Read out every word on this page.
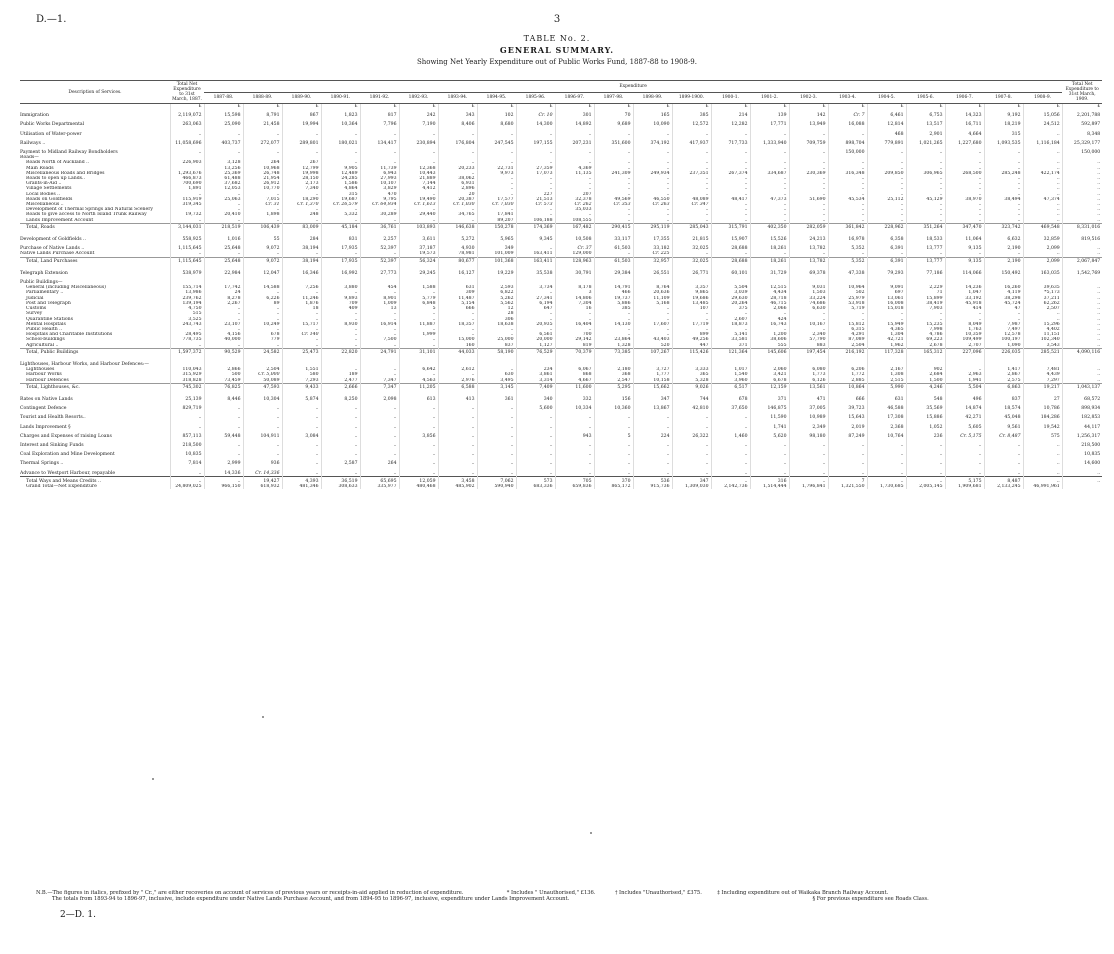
D.—1.	3
TABLE No. 2.
GENERAL SUMMARY.
Showing Net Yearly Expenditure out of Public Works Fund, 1887-88 to 1908-9.
Description of Services.	Total Net Expenditure to 31st March, 1887.	Expenditure																						Total Net Expenditure to 31st March, 1909.
		1887-88.	1888-89.	1889-90.	1890-91.	1891-92.	1892-93.	1893-94.	1894-95.	1895-96.	1896-97.	1897-98.	1898-99.	1899-1900.	1900-1.	1901-2.	1902-3.	1903-4.	1904-5.	1905-6.	1906-7.	1907-8.	1908-9.	
	£	£	£	£	£	£	£	£	£	£	£	£	£	£	£	£	£	£	£	£	£	£	£	£
Immigration	2,119,072	15,598	8,791	867	1,823	817	242	343	102	Cr. 10	301	70	165	385	214	139	142	Cr. 7	6,461	6,753	14,323	9,192	15,056	2,201,788
Public Works Departmental	263,063	25,090	21,458	19,994	10,364	7,796	7,190	8,406	8,680	14,300	14,892	9,689	10,090	12,572	12,282	17,771	13,949	16,088	12,814	13,517	16,711	18,219	24,512	592,897
Utilisation of Water-power	..	..	..	..	..	..	..	..	..	..	..	..	..	..	..	..	..	..	468	2,901	4,664	315	..	8,348
Railways ..	11,058,696	403,737	272,077	289,801	180,021	134,417	230,894	176,804	247,545	197,155	207,231	351,600	374,192	417,937	717,733	1,333,940	709,759	898,704	779,891	1,021,265	1,227,680	1,093,535	1,116,184	25,329,177
Payment to Midland Railway Bondholders	..	..	..	..	..	..	..	..	..	..	..	..	..	..	..	..	..	150,000	..	..	..	..	..	150,000
Roads—																								
Roads North of Auckland ..	226,903	3,128	264	267	..	..	..	..	..	..	..	..	..	..	..	..	..	..	..	..	..	..	..	..
Main Roads		13,256	10,968	12,799	9,905	11,739	12,368	20,233	22,731	27,359	4,369	..	..	..	..	..	..	..	..	..	..	..	..	..
Miscellaneous Roads and Bridges	1,293,676	25,369	26,748	19,998	12,489	6,943	10,443	..	9,973	17,073	11,135	241,309	249,934	237,351	267,374	334,687	230,369	316,348	209,850	306,965	268,500	285,248	422,174	..
Roads to open up Lands..	466,873	61,488	21,954	28,150	24,285	27,993	21,889	38,062	..	..	..	..	..	..	..	..	..	..	..	..	..	..	..	..
Grants-in-Aid ..	700,690	37,682	26,912	2,173	1,586	10,107	7,144	6,931	..	..	..	..	..	..	..	..	..	..	..	..	..	..	..	..
Village Settlements	1,891	12,053	10,770	7,340	4,864	3,829	4,412	2,896	..	..	..	..	..	..	..	..	..	..	..	..	..	..	..	..
Local Bodies ..	..	..	..	..	315	470	..	20	..	227	207	..	..	..	..	..	..	..	..	..	..	..	..	..
Roads on Goldfields	115,919	25,063	7,015	18,290	19,687	9,795	19,490	20,387	17,577	21,513	32,378	49,569	46,550	48,089	48,417	47,373	51,690	45,534	25,112	45,129	38,970	38,494	47,374	..
Miscellaneous ..	319,345	..	Cr. 31	Cr. 1,370	Cr. 26,579	Cr. 64,934	Cr. 1,613	Cr. 1,030	Cr. 7,030	Cr. 573	Cr. 262	Cr. 353	Cr. 263	Cr. 347	..	..	..	..	..	..	..	..	..	..
Development of Thermal Springs and Natural Scenery		..	..	..	..	..	..	..	..	..	35,033	..	..	..	..	..	..	..	..	..	..	..	..	..
Roads to give access to North Island Trunk Railway	19,732	20,410	1,898	248	5,332	30,289	29,440	34,765	17,841	..	..	..	..	..	..	..	..	..	..	..	..	..	..	..
Lands Improvement Account	..	..	..	..	..	..	..	..	89,207	106,188	108,555	..	..	..	..	..	..	..	..	..	..	..	..	..
Total, Roads	3,144,031	218,519	106,439	83,009	45,184	36,761	103,893	146,638	150,278	174,369	167,482	290,415	295,119	285,043	315,791	402,350	282,059	361,842	228,962	351,264	347,470	323,742	469,548	8,331,016
Development of Goldfields ..	558,925	1,016	55	284	831	2,257	3,611	5,272	5,965	9,345	10,508	33,117	17,355	21,815	15,907	15,526	24,213	16,978	6,358	18,533	11,064	6,632	32,859	819,516
Purchase of Native Lands ..	1,115,645	25,648	9,072	38,194	17,935	52,397	37,187	4,930	349	..	Cr. 37	61,503	33,182	32,025	28,688	18,261	13,782	5,352	6,391	13,777	9,135	2,190	2,099	..
Native Lands Purchase Account	..	..	..	..	..	..	19,573	78,981	101,009	163,411	129,000	..	Cr. 225	..	..	..	..	..	..	..	..	..	..	..
Total, Land Purchases	1,115,645	25,648	9,072	38,194	17,935	52,397	56,324	80,677	101,368	163,411	128,963	61,503	32,957	32,025	28,688	18,261	13,782	5,352	6,391	13,777	9,135	2,190	2,099	2,067,847
Telegraph Extension	538,979	22,984	12,047	16,346	16,992	27,773	29,245	16,127	19,229	35,538	30,791	29,384	26,551	26,771	60,101	31,729	69,378	47,338	79,293	77,186	114,066	150,492	163,035	1,542,769
Public Buildings—																								
General (including Miscellaneous)	155,714	17,742	14,588	7,256	3,880	454	1,588	631	2,593	3,734	8,178	14,791	8,764	3,357	5,504	12,515	9,031	10,964	9,091	2,229	14,236	16,260	39,635	..
Parliamentary ..	13,986	24	..	..	..	..	..	309	6,822	..	3	466	20,636	9,865	3,039	4,434	1,503	502	697	71	1,047	4,119	*5,173	..
Judicial	239,762	8,278	6,226	11,246	9,893	8,901	5,779	11,487	5,262	27,341	14,806	19,737	11,109	19,686	29,630	28,718	33,224	25,979	13,061	15,899	33,192	38,298	37,211	..
Post and Telegraph	139,194	2,267	89	1,876	709	1,009	6,848	5,154	5,562	6,194	7,304	5,886	5,168	13,485	20,264	46,715	74,686	53,918	16,008	38,419	45,918	45,724	62,262	..
Customs	4,750	..	..	18	409	13	5	666	12	647	16	385	..	107	375	2,066	6,630	5,719	15,018	7,903	414	47	2,507	..
Survey	515	..	..	..	..	..	..	..	28	..	..	..	..	..	..	..	..	..	..	..	..	..	..	..
Quarantine Stations	3,525	..	..	..	..	..	..	..	306	..	..	..	..	..	2,607	424	..	..	..	..	..	..	..	..
Mental Hospitals	243,743	23,107	10,249	15,717	8,930	16,914	11,887	18,357	18,638	20,935	16,404	14,130	17,607	17,719	18,873	16,743	10,167	15,812	15,949	15,235	8,049	7,987	15,296	..
Public Health ..	..	..	..	..	..	..	..	..	..	..	..	..	..	..	..	..	..	6,315	4,365	7,998	1,763	7,497	4,402	..
Hospitals and Charitable Institutions	28,495	4,156	678	Cr. 140	..	..	1,999	..	..	6,561	700	..	..	899	5,141	1,200	2,340	4,291	1,304	4,786	10,359	12,578	11,151	..
School-buildings	778,735	40,000	779	..	..	7,500	..	15,000	25,000	20,000	29,142	23,864	43,403	49,256	33,581	38,606	57,790	87,089	42,721	69,223	109,499	100,197	102,340	..
Agricultural ..	..	..	..	..	..	..	..	160	837	1,127	819	1,328	520	447	371	555	883	2,504	1,962	2,678	2,707	1,090	3,543	..
Total, Public Buildings	1,597,372	90,529	24,582	25,473	22,820	24,791	31,101	44,033	58,190	76,529	70,379	73,385	107,267	115,426	121,364	145,606	197,454	216,192	117,328	165,312	227,096	226,035	285,521	4,090,116
Lighthouses, Harbour Works, and Harbour Defences:—																								
Lighthouses	110,043	2,866	2,504	1,551	..	..	6,642	2,612	..	234	6,067	2,180	3,727	3,333	1,017	2,060	6,080	6,206	2,167	902	..	1,417	7,481	..
Harbour Works	315,929	500	Cr. 5,000	580	189	..	..	..	630	3,861	868	368	1,777	365	1,540	3,421	1,773	1,772	1,308	2,684	2,963	2,867	4,439	..
Harbour Defences	318,828	73,459	50,089	7,293	2,477	7,347	4,563	2,976	3,495	3,314	4,667	2,547	10,158	5,328	3,960	6,678	6,126	2,885	2,515	1,500	1,941	2,575	7,297	..
Total, Lighthouses, &c.	745,302	76,825	47,593	9,433	2,666	7,347	11,205	6,588	3,145	7,409	11,600	5,295	15,662	9,026	6,517	12,159	13,561	10,864	5,990	4,246	5,504	6,863	19,217	1,043,137
Rates on Native Lands	25,139	8,446	10,304	5,874	8,250	2,098	613	413	361	340	332	156	347	744	678	371	471	666	631	548	496	837	27	68,572
Contingent Defence	829,719	..	..	..	..	..	..	..	..	5,600	10,334	10,360	13,867	42,810	37,650	146,875	37,005	39,723	46,588	35,569	14,874	18,574	10,786	898,934
Tourist and Health Resorts..	..	..	..	..	..	..	..	..	..	..	..	..	..	..	..	11,590	10,989	15,643	17,308	15,886	42,271	45,048	184,286	182,853
Lands Improvement §	..	..	..	..	..	..	..	..	..	..	..	..	..	..	..	1,741	2,349	2,019	2,368	1,052	5,605	9,561	19,542	44,117
Charges and Expenses of raising Loans	857,113	59,448	104,911	3,084	..	..	3,856	..	..	..	943	5	224	26,322	1,460	5,620	98,180	87,249	10,764	236	Cr. 5,175	Cr. 8,487	575	1,256,317
Interest and Sinking Funds	218,500	..	..	..	..	..	..	..	..	..	..	..	..	..	..	..	..	..	..	..	..	..	..	218,500
Coal Exploration and Mine Development	10,835	..	..	..	..	..	..	..	..	..	..	..	..	..	..	..	..	..	..	..	..	..	..	10,835
Thermal Springs ..	7,814	2,999	936	..	2,587	264	..	..	..	..	..	..	..	..	..	..	..	..	..	..	..	..	..	14,600
Advance to Westport Harbour, repayable	..	14,336	Cr. 14,336	..	..	..	..	..	..	..	..	..	..	..	..	..	..	..	..	..	..	..	..	..
Total Ways and Means Credits ..	..	..	19,427	4,393	36,519	65,695	12,059	3,458	7,062	573	705	370	536	347	..	316	..	7	..	..	5,175	8,487	..	..
Grand Total—Net Expenditure	24,809,025	966,150	618,932	481,346	308,633	335,977	480,468	485,902	590,940	683,336	659,836	865,172	915,736	1,309,030	2,142,736	1,514,444	1,796,841	1,321,550	1,730,685	2,005,145	1,909,681	2,133,245	46,991,961	
N.B.—The figures in italics, prefixed by " Cr.," are either recoveries on account of services of previous years or receipts-in-aid applied in reduction of expenditure.	* Includes " Unauthorised," £136.	† Includes "Unauthorised," £375.	‡ Including expenditure out of Waikaka Branch Railway Account.
The totals from 1893-94 to 1896-97, inclusive, include expenditure under Native Lands Purchase Account, and from 1894-95 to 1896-97, inclusive, expenditure under Lands Improvement Account.	§ For previous expenditure see Roads Class.
2—D. 1.
